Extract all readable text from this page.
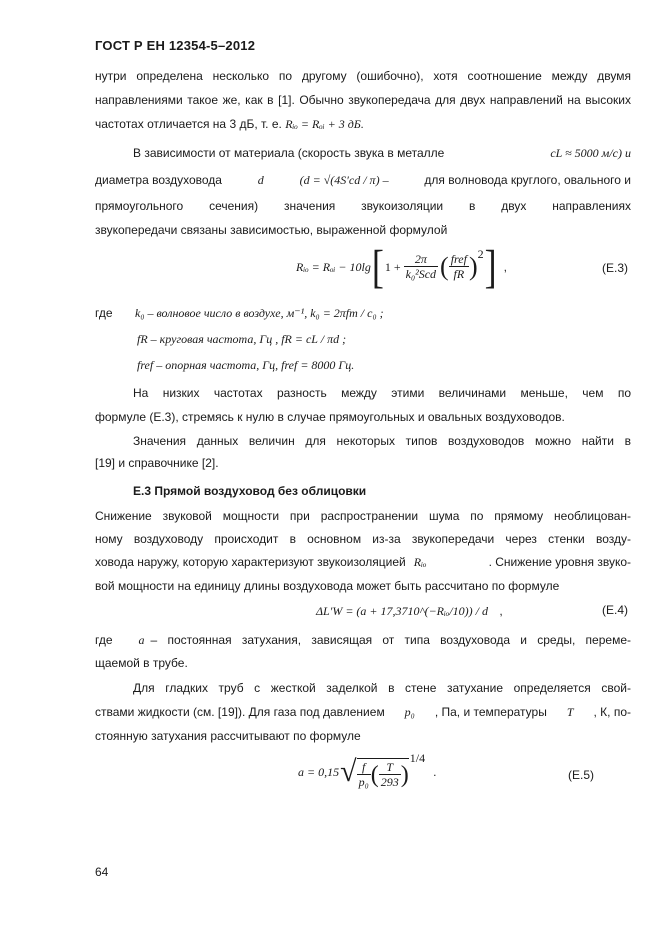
ГОСТ Р ЕН 12354-5–2012
нутри определена несколько по другому (ошибочно), хотя соотношение между двумя
направлениями такое же, как в [1]. Обычно звукопередача для двух направлений на высоких
частотах отличается на 3 дБ, т. е. Rᵢₒ = Rₒᵢ + 3 дБ.
В зависимости от материала (скорость звука в металле	cL ≈ 5000 м/с) и
диаметра воздуховода	d	(d = √(4S′cd / π) –	для волновода круглого, овального и
прямоугольного сечения) значения звукоизоляции в двух направлениях
звукопередачи связаны зависимостью, выраженной формулой
Rᵢₒ = Rₒᵢ − 10lg [ $1 + \frac{2\pi}{\text{k₀²Scd}}$ ( $\frac{\text{fref}}{fR}$ ) 2 ] ,	(Е.3)
где k₀ – волновое число в воздухе, м⁻¹, k₀ = 2πfm / c₀ ;
fR – круговая частота, Гц , fR = cL / πd ;
fref – опорная частота, Гц, fref = 8000 Гц.
На низких частотах разность между этими величинами меньше, чем по
формуле (Е.3), стремясь к нулю в случае прямоугольных и овальных воздуховодов.
Значения данных величин для некоторых типов воздуховодов можно найти в
[19] и справочнике [2].
Е.3 Прямой воздуховод без облицовки
Снижение звуковой мощности при распространении шума по прямому необлицован-
ному воздуховоду происходит в основном из-за звукопередачи через стенки возду-
ховода наружу, которую характеризуют звукоизоляцией Rᵢₒ	. Снижение уровня звуко-
вой мощности на единицу длины воздуховода может быть рассчитано по формуле
ΔL′W = (a + 17,3710^(−Rᵢₒ/10)) / d ,	(Е.4)
где a – постоянная затухания, зависящая от типа воздуховода и среды, переме-
щаемой в трубе.
Для гладких труб с жесткой заделкой в стене затухание определяется свой-
ствами жидкости (см. [19]). Для газа под давлением p₀ , Па, и температуры T , К, по-
стоянную затухания рассчитывают по формуле
a = 0,15 √ $\frac{f}{\text{p₀}}$ ( $\frac{T}{293}$ )
1/4
.	(Е.5)
64
